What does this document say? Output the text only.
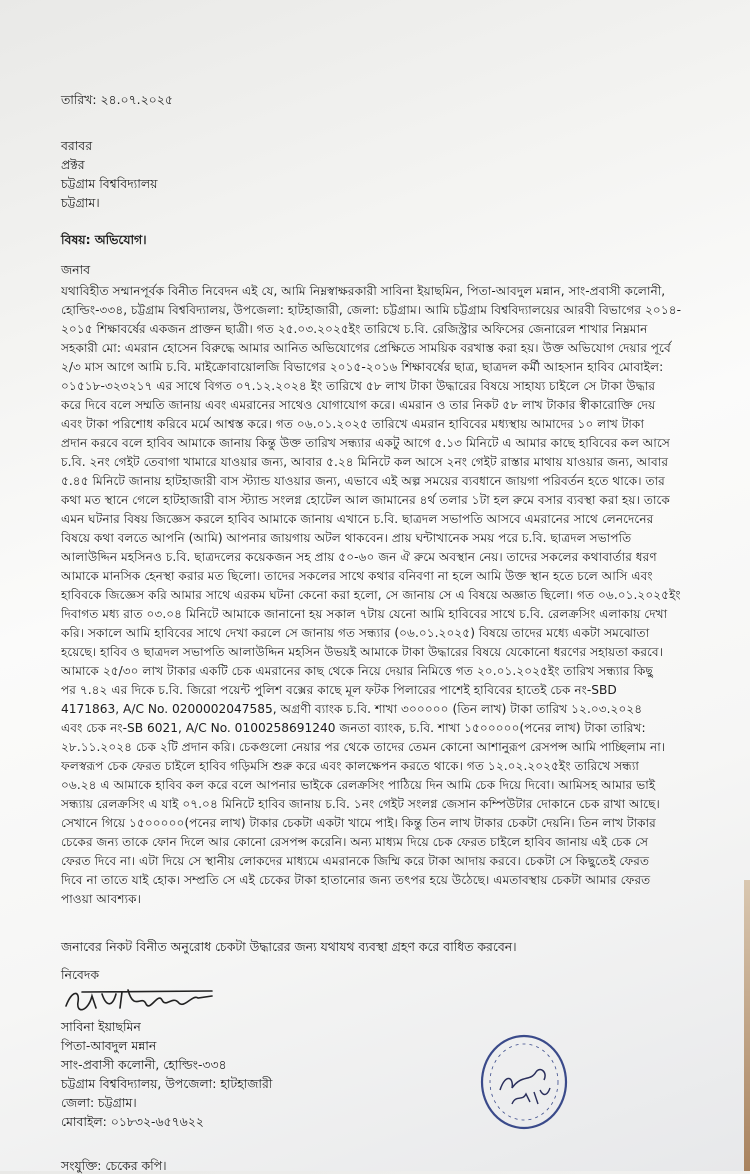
তারিখ: ২৪.০৭.২০২৫
বরাবর
প্রক্টর
চট্টগ্রাম বিশ্ববিদ্যালয়
চট্টগ্রাম।
বিষয়: অভিযোগ।
জনাব
যথাবিহীত সম্মানপূর্বক বিনীত নিবেদন এই যে, আমি নিম্নস্বাক্ষরকারী সাবিনা ইয়াছমিন, পিতা-আবদুল মন্নান, সাং-প্রবাসী কলোনী,
হোল্ডিং-৩৩৪, চট্টগ্রাম বিশ্ববিদ্যালয়, উপজেলা: হাটহাজারী, জেলা: চট্টগ্রাম। আমি চট্টগ্রাম বিশ্ববিদ্যালয়ের আরবী বিভাগের ২০১৪-
২০১৫ শিক্ষাবর্ষের একজন প্রাক্তন ছাত্রী। গত ২৫.০৩.২০২৫ইং তারিখে চ.বি. রেজিস্ট্রার অফিসের জেনারেল শাখার নিম্নমান
সহকারী মো: এমরান হোসেন বিরুদ্ধে আমার আনিত অভিযোগের প্রেক্ষিতে সাময়িক বরখাস্ত করা হয়। উক্ত অভিযোগ দেয়ার পূর্বে
২/৩ মাস আগে আমি চ.বি. মাইক্রোবায়োলজি বিভাগের ২০১৫-২০১৬ শিক্ষাবর্ষের ছাত্র, ছাত্রদল কর্মী আহসান হাবিব মোবাইল:
০১৫১৮-৩২৩২১৭ এর সাথে বিগত ০৭.১২.২০২৪ ইং তারিখে ৫৮ লাখ টাকা উদ্ধারের বিষয়ে সাহায্য চাইলে সে টাকা উদ্ধার
করে দিবে বলে সম্মতি জানায় এবং এমরানের সাথেও যোগাযোগ করে। এমরান ও তার নিকট ৫৮ লাখ টাকার স্বীকারোক্তি দেয়
এবং টাকা পরিশোধ করিবে মর্মে আশ্বস্ত করে। গত ০৬.০১.২০২৫ তারিখে এমরান হাবিবের মধ্যস্থায় আমাদের ১০ লাখ টাকা
প্রদান করবে বলে হাবিব আমাকে জানায় কিন্তু উক্ত তারিখ সন্ধ্যার একটু আগে ৫.১৩ মিনিটে এ আমার কাছে হাবিবের কল আসে
চ.বি. ২নং গেইট তেবাগা খামারে যাওয়ার জন্য, আবার ৫.২৪ মিনিটে কল আসে ২নং গেইট রাস্তার মাথায় যাওয়ার জন্য, আবার
৫.৪৫ মিনিটে জানায় হাটহাজারী বাস স্ট্যান্ড যাওয়ার জন্য, এভাবে এই অল্প সময়ের ব্যবধানে জায়গা পরিবর্তন হতে থাকে। তার
কথা মত স্থানে গেলে হাটহাজারী বাস স্ট্যান্ড সংলগ্ন হোটেল আল জামানের ৪র্থ তলার ১টা হল রুমে বসার ব্যবস্থা করা হয়। তাকে
এমন ঘটনার বিষয় জিজ্ঞেস করলে হাবিব আমাকে জানায় এখানে চ.বি. ছাত্রদল সভাপতি আসবে এমরানের সাথে লেনদেনের
বিষয়ে কথা বলতে আপনি (আমি) আপনার জায়গায় অটল থাকবেন। প্রায় ঘন্টাখানেক সময় পরে চ.বি. ছাত্রদল সভাপতি
আলাউদ্দিন মহসিনও চ.বি. ছাত্রদলের কয়েকজন সহ প্রায় ৫০-৬০ জন ঐ রুমে অবস্থান নেয়। তাদের সকলের কথাবার্তার ধরণ
আমাকে মানসিক হেনস্থা করার মত ছিলো। তাদের সকলের সাথে কথার বনিবণা না হলে আমি উক্ত স্থান হতে চলে আসি এবং
হাবিবকে জিজ্ঞেস করি আমার সাথে এরকম ঘটনা কেনো করা হলো, সে জানায় সে এ বিষয়ে অজ্ঞাত ছিলো। গত ০৬.০১.২০২৫ইং
দিবাগত মধ্য রাত ০৩.০৪ মিনিটে আমাকে জানানো হয় সকাল ৭টায় যেনো আমি হাবিবের সাথে চ.বি. রেলক্রসিং এলাকায় দেখা
করি। সকালে আমি হাবিবের সাথে দেখা করলে সে জানায় গত সন্ধ্যার (০৬.০১.২০২৫) বিষয়ে তাদের মধ্যে একটা সমঝোতা
হয়েছে। হাবিব ও ছাত্রদল সভাপতি আলাউদ্দিন মহসিন উভয়ই আমাকে টাকা উদ্ধারের বিষয়ে যেকোনো ধরণের সহায়তা করবে।
আমাকে ২৫/৩০ লাখ টাকার একটি চেক এমরানের কাছ থেকে নিয়ে দেয়ার নিমিত্তে গত ২০.০১.২০২৫ইং তারিখ সন্ধ্যার কিছু
পর ৭.৪২ এর দিকে চ.বি. জিরো পয়েন্ট পুলিশ বক্সের কাছে মূল ফটক পিলারের পাশেই হাবিবের হাতেই চেক নং-SBD
4171863, A/C No. 0200002047585, অগ্রণী ব্যাংক চ.বি. শাখা ৩০০০০০ (তিন লাখ) টাকা তারিখ ১২.০৩.২০২৪
এবং চেক নং-SB 6021, A/C No. 0100258691240 জনতা ব্যাংক, চ.বি. শাখা ১৫০০০০০(পনের লাখ) টাকা তারিখ:
২৮.১১.২০২৪ চেক ২টি প্রদান করি। চেকগুলো নেয়ার পর থেকে তাদের তেমন কোনো আশানুরূপ রেসপন্স আমি পাচ্ছিলাম না।
ফলস্বরূপ চেক ফেরত চাইলে হাবিব গড়িমসি শুরু করে এবং কালক্ষেপন করতে থাকে। গত ১২.০২.২০২৫ইং তারিখে সন্ধ্যা
০৬.২৪ এ আমাকে হাবিব কল করে বলে আপনার ভাইকে রেলক্রসিং পাঠিয়ে দিন আমি চেক দিয়ে দিবো। আমিসহ আমার ভাই
সন্ধ্যায় রেলক্রসিং এ যাই ০৭.০৪ মিনিটে হাবিব জানায় চ.বি. ১নং গেইট সংলগ্ন জেসান কম্পিউটার দোকানে চেক রাখা আছে।
সেখানে গিয়ে ১৫০০০০০(পনের লাখ) টাকার চেকটা একটা খামে পাই। কিন্তু তিন লাখ টাকার চেকটা দেয়নি। তিন লাখ টাকার
চেকের জন্য তাকে ফোন দিলে আর কোনো রেসপন্স করেনি। অন্য মাধ্যম দিয়ে চেক ফেরত চাইলে হাবিব জানায় এই চেক সে
ফেরত দিবে না। এটা দিয়ে সে স্থানীয় লোকদের মাধ্যমে এমরানকে জিম্মি করে টাকা আদায় করবে। চেকটা সে কিছুতেই ফেরত
দিবে না তাতে যাই হোক। সম্প্রতি সে এই চেকের টাকা হাতানোর জন্য তৎপর হয়ে উঠেছে। এমতাবস্থায় চেকটা আমার ফেরত
পাওয়া আবশ্যক।
জনাবের নিকট বিনীত অনুরোধ চেকটা উদ্ধারের জন্য যথাযথ ব্যবস্থা গ্রহণ করে বাধিত করবেন।
নিবেদক
সাবিনা ইয়াছমিন
পিতা-আবদুল মন্নান
সাং-প্রবাসী কলোনী, হোল্ডিং-৩৩৪
চট্টগ্রাম বিশ্ববিদ্যালয়, উপজেলা: হাটহাজারী
জেলা: চট্টগ্রাম।
মোবাইল: ০১৮৩২-৬৫৭৬২২
সংযুক্তি: চেকের কপি।
